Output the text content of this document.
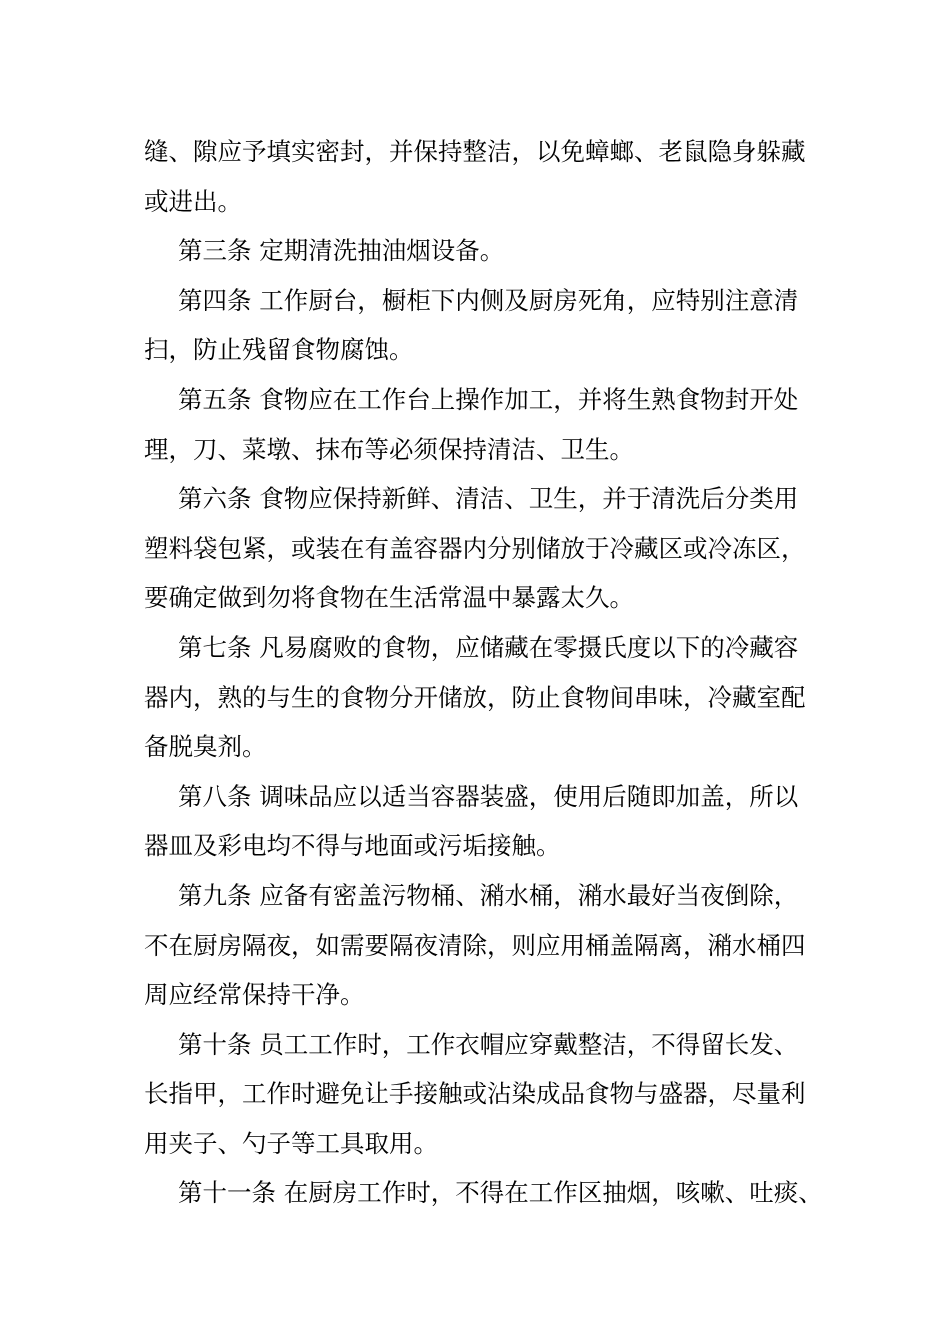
缝、隙应予填实密封，并保持整洁，以免蟑螂、老鼠隐身躲藏
或进出。
第三条 定期清洗抽油烟设备。
第四条 工作厨台，橱柜下内侧及厨房死角，应特别注意清
扫，防止残留食物腐蚀。
第五条 食物应在工作台上操作加工，并将生熟食物封开处
理，刀、菜墩、抹布等必须保持清洁、卫生。
第六条 食物应保持新鲜、清洁、卫生，并于清洗后分类用
塑料袋包紧，或装在有盖容器内分别储放于冷藏区或冷冻区，
要确定做到勿将食物在生活常温中暴露太久。
第七条 凡易腐败的食物，应储藏在零摄氏度以下的冷藏容
器内，熟的与生的食物分开储放，防止食物间串味，冷藏室配
备脱臭剂。
第八条 调味品应以适当容器装盛，使用后随即加盖，所以
器皿及彩电均不得与地面或污垢接触。
第九条 应备有密盖污物桶、潲水桶，潲水最好当夜倒除，
不在厨房隔夜，如需要隔夜清除，则应用桶盖隔离，潲水桶四
周应经常保持干净。
第十条 员工工作时，工作衣帽应穿戴整洁，不得留长发、
长指甲，工作时避免让手接触或沾染成品食物与盛器，尽量利
用夹子、勺子等工具取用。
第十一条 在厨房工作时，不得在工作区抽烟，咳嗽、吐痰、
